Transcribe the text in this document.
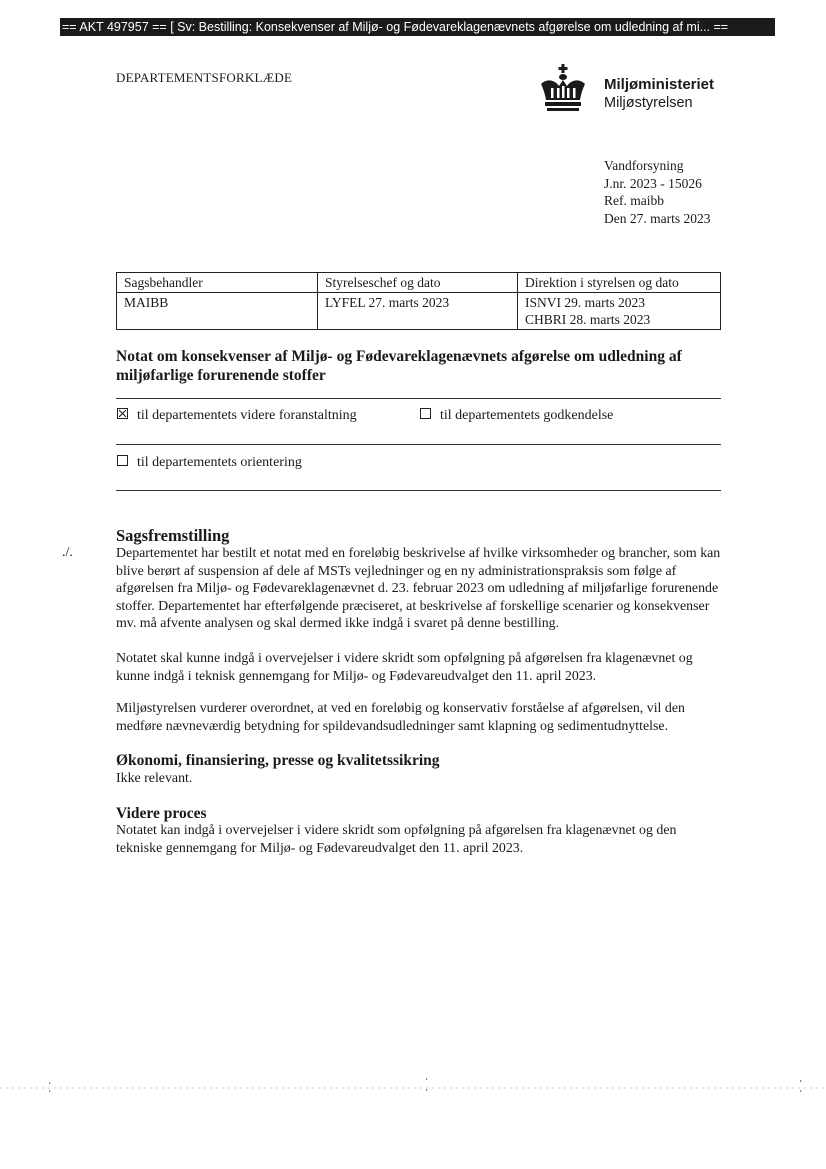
== AKT 497957 == [ Sv: Bestilling: Konsekvenser af Miljø- og Fødevareklagenævnets afgørelse om udledning af mi... ==
DEPARTEMENTSFORKLÆDE	Miljøministeriet
Miljøstyrelsen
Vandforsyning
J.nr. 2023 - 15026
Ref. maibb
Den 27. marts 2023
Sagsbehandler	Styrelseschef og dato	Direktion i styrelsen og dato
MAIBB	LYFEL 27. marts 2023	ISNVI 29. marts 2023
CHBRI 28. marts 2023
Notat om konsekvenser af Miljø- og Fødevareklagenævnets afgørelse om udledning af miljøfarlige forurenende stoffer
til departementets videre foranstaltning	til departementets godkendelse
til departementets orientering
./.
Sagsfremstilling
Departementet har bestilt et notat med en foreløbig beskrivelse af hvilke virksomheder og brancher, som kan blive berørt af suspension af dele af MSTs vejledninger og en ny administrationspraksis som følge af afgørelsen fra Miljø- og Fødevareklagenævnet d. 23. februar 2023 om udledning af miljøfarlige forurenende stoffer. Departementet har efterfølgende præciseret, at beskrivelse af forskellige scenarier og konsekvenser mv. må afvente analysen og skal dermed ikke indgå i svaret på denne bestilling.
Notatet skal kunne indgå i overvejelser i videre skridt som opfølgning på afgørelsen fra klagenævnet og kunne indgå i teknisk gennemgang for Miljø- og Fødevareudvalget den 11. april 2023.
Miljøstyrelsen vurderer overordnet, at ved en foreløbig og konservativ forståelse af afgørelsen, vil den medføre nævneværdig betydning for spildevandsudledninger samt klapning og sedimentudnyttelse.
Økonomi, finansiering, presse og kvalitetssikring
Ikke relevant.
Videre proces
Notatet kan indgå i overvejelser i videre skridt som opfølgning på afgørelsen fra klagenævnet og den tekniske gennemgang for Miljø- og Fødevareudvalget den 11. april 2023.
